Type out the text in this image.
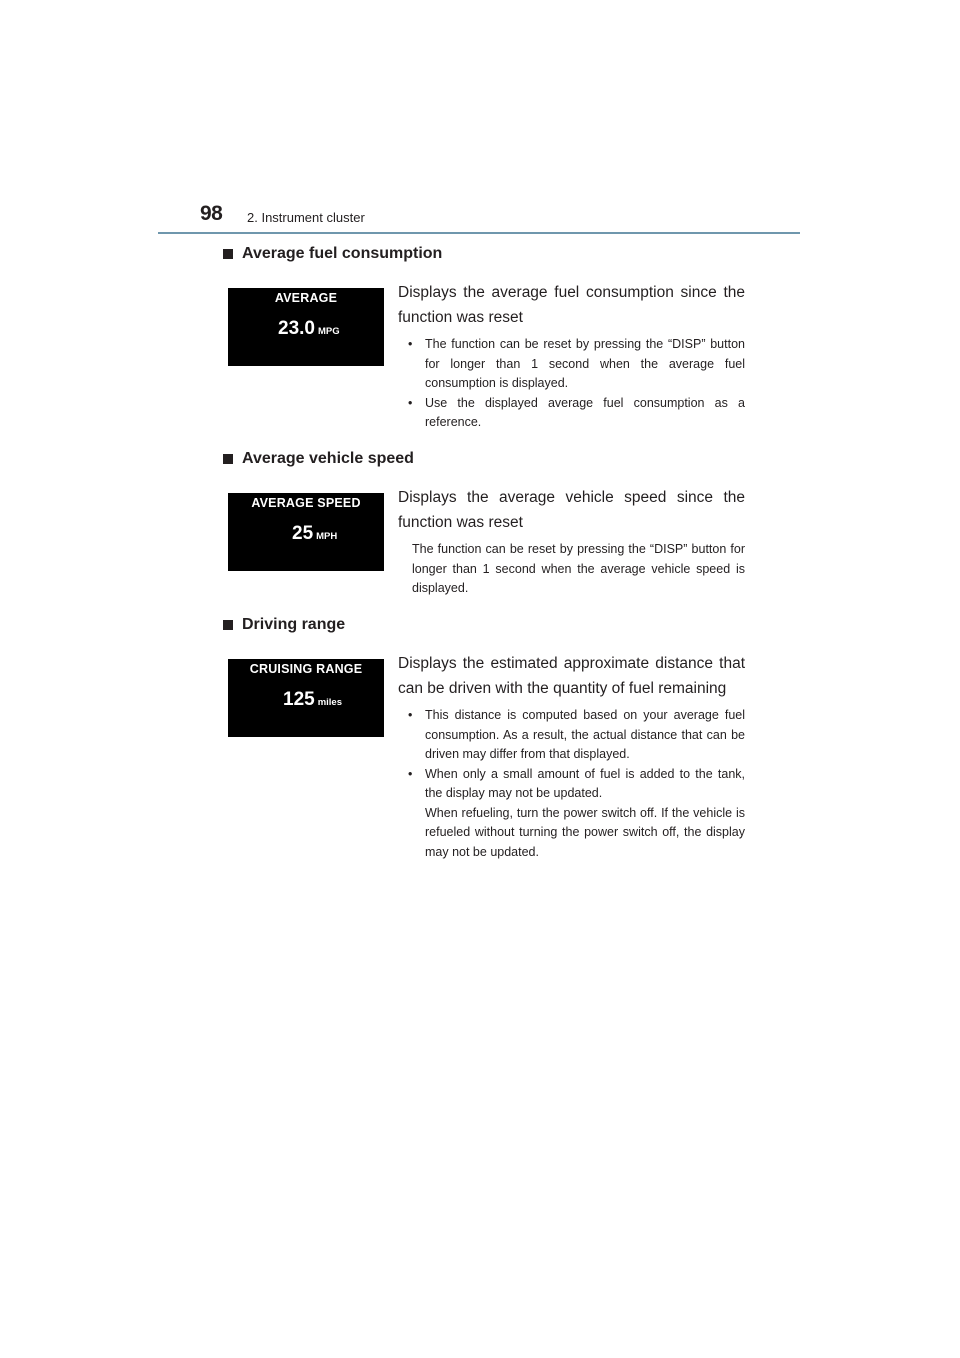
98 2. Instrument cluster
Average fuel consumption
AVERAGE
23.0 MPG
Displays the average fuel consumption since the function was reset
• The function can be reset by pressing the “DISP” button for longer than 1 second when the average fuel consumption is displayed.
• Use the displayed average fuel consumption as a reference.
Average vehicle speed
AVERAGE SPEED
25 MPH
Displays the average vehicle speed since the function was reset
The function can be reset by pressing the “DISP” button for longer than 1 second when the average vehicle speed is displayed.
Driving range
CRUISING RANGE
125 miles
Displays the estimated approximate distance that can be driven with the quantity of fuel remaining
• This distance is computed based on your average fuel consumption. As a result, the actual distance that can be driven may differ from that displayed.
• When only a small amount of fuel is added to the tank, the display may not be updated.
When refueling, turn the power switch off. If the vehicle is refueled without turning the power switch off, the display may not be updated.
